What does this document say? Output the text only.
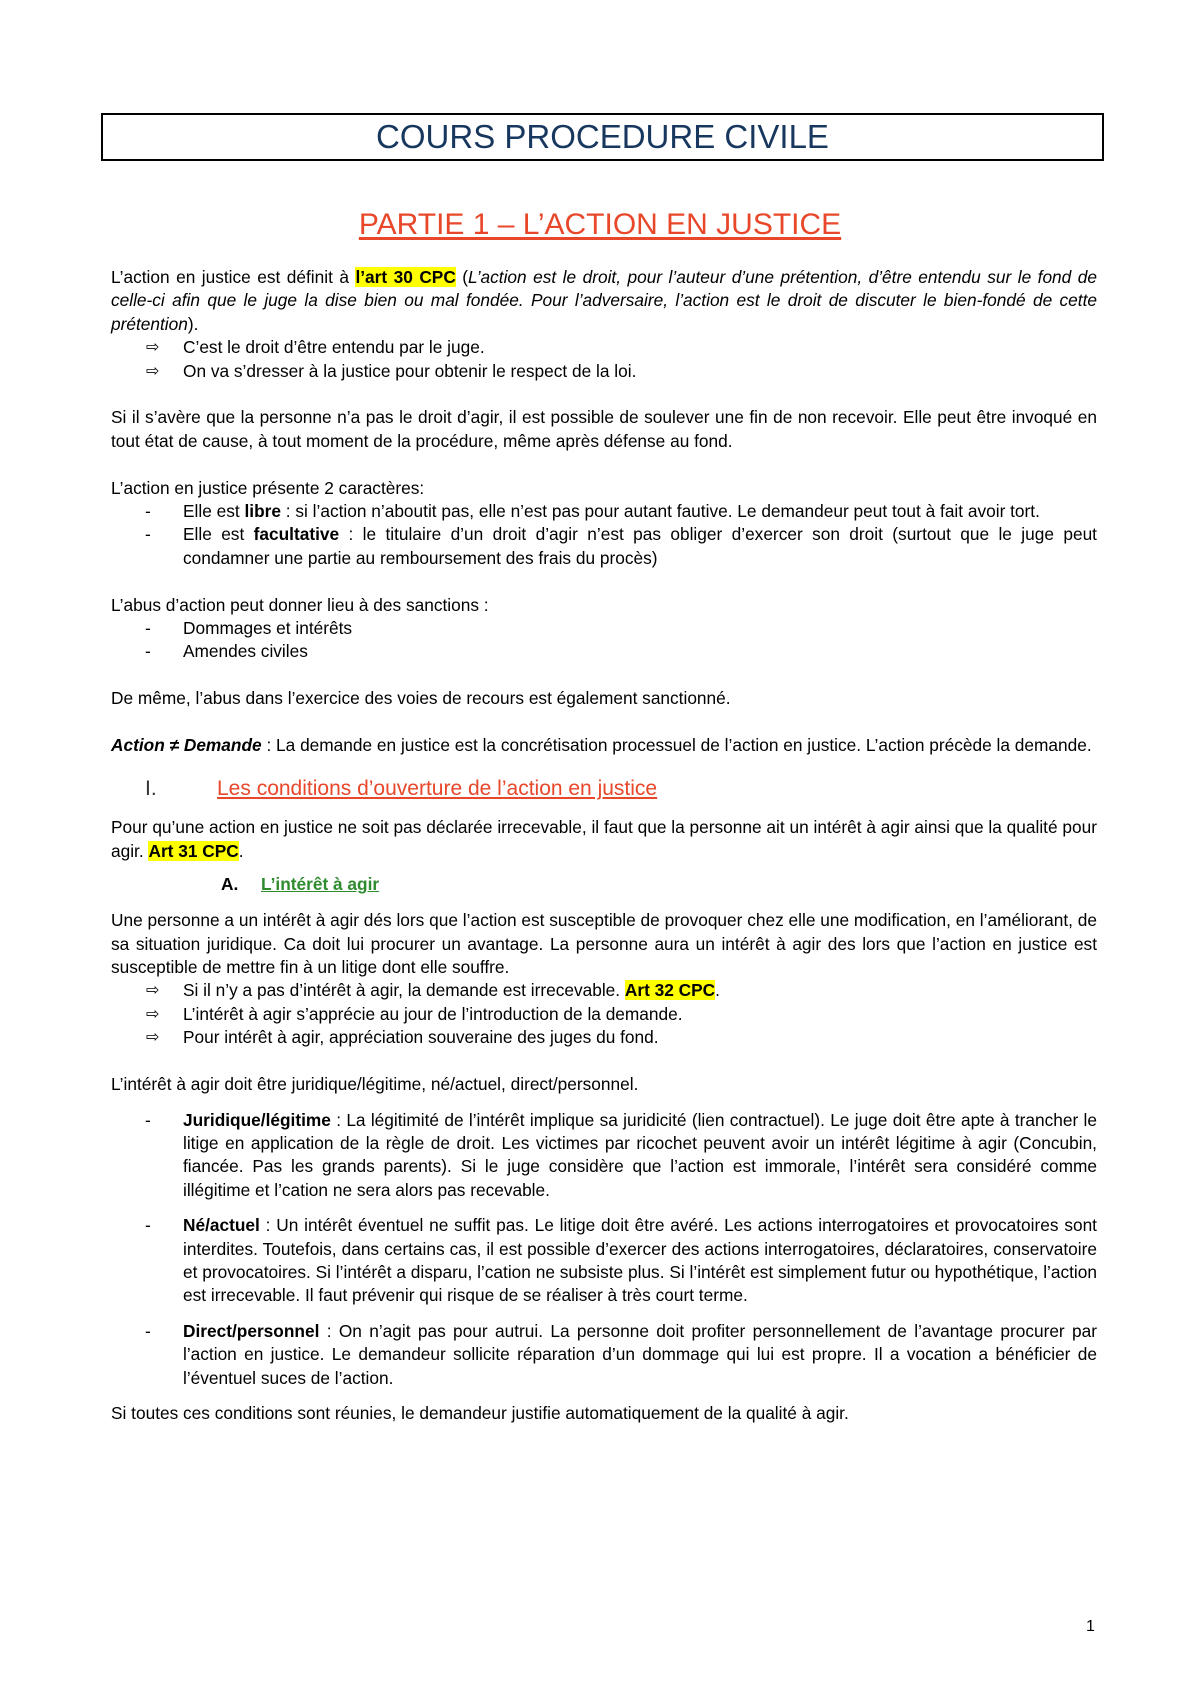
COURS PROCEDURE CIVILE
PARTIE 1 – L’ACTION EN JUSTICE

L’action en justice est définit à l’art 30 CPC (L’action est le droit, pour l’auteur d’une prétention, d’être entendu sur le fond de celle-ci afin que le juge la dise bien ou mal fondée. Pour l’adversaire, l’action est le droit de discuter le bien-fondé de cette prétention).

⇨ C’est le droit d’être entendu par le juge.
⇨ On va s’dresser à la justice pour obtenir le respect de la loi.

Si il s’avère que la personne n’a pas le droit d’agir, il est possible de soulever une fin de non recevoir. Elle peut être invoqué en tout état de cause, à tout moment de la procédure, même après défense au fond.

L’action en justice présente 2 caractères:

- Elle est libre : si l’action n’aboutit pas, elle n’est pas pour autant fautive. Le demandeur peut tout à fait avoir tort.
- Elle est facultative : le titulaire d’un droit d’agir n’est pas obliger d’exercer son droit (surtout que le juge peut condamner une partie au remboursement des frais du procès)

L’abus d’action peut donner lieu à des sanctions :

- Dommages et intérêts
- Amendes civiles

De même, l’abus dans l’exercice des voies de recours est également sanctionné.

Action ≠ Demande : La demande en justice est la concrétisation processuel de l’action en justice. L’action précède la demande.

I.	Les conditions d’ouverture de l’action en justice

Pour qu’une action en justice ne soit pas déclarée irrecevable, il faut que la personne ait un intérêt à agir ainsi que la qualité pour agir. Art 31 CPC.

A. L’intérêt à agir

Une personne a un intérêt à agir dés lors que l’action est susceptible de provoquer chez elle une modification, en l’améliorant, de sa situation juridique. Ca doit lui procurer un avantage. La personne aura un intérêt à agir des lors que l’action en justice est susceptible de mettre fin à un litige dont elle souffre.

⇨ Si il n’y a pas d’intérêt à agir, la demande est irrecevable. Art 32 CPC.
⇨ L’intérêt à agir s’apprécie au jour de l’introduction de la demande.
⇨ Pour intérêt à agir, appréciation souveraine des juges du fond.

L’intérêt à agir doit être juridique/légitime, né/actuel, direct/personnel.

- Juridique/légitime : La légitimité de l’intérêt implique sa juridicité (lien contractuel). Le juge doit être apte à trancher le litige en application de la règle de droit. Les victimes par ricochet peuvent avoir un intérêt légitime à agir (Concubin, fiancée. Pas les grands parents). Si le juge considère que l’action est immorale, l’intérêt sera considéré comme illégitime et l’cation ne sera alors pas recevable.
- Né/actuel : Un intérêt éventuel ne suffit pas. Le litige doit être avéré. Les actions interrogatoires et provocatoires sont interdites. Toutefois, dans certains cas, il est possible d’exercer des actions interrogatoires, déclaratoires, conservatoire et provocatoires. Si l’intérêt a disparu, l’cation ne subsiste plus. Si l’intérêt est simplement futur ou hypothétique, l’action est irrecevable. Il faut prévenir qui risque de se réaliser à très court terme.
- Direct/personnel : On n’agit pas pour autrui. La personne doit profiter personnellement de l’avantage procurer par l’action en justice. Le demandeur sollicite réparation d’un dommage qui lui est propre. Il a vocation a bénéficier de l’éventuel suces de l’action.

Si toutes ces conditions sont réunies, le demandeur justifie automatiquement de la qualité à agir.

1
